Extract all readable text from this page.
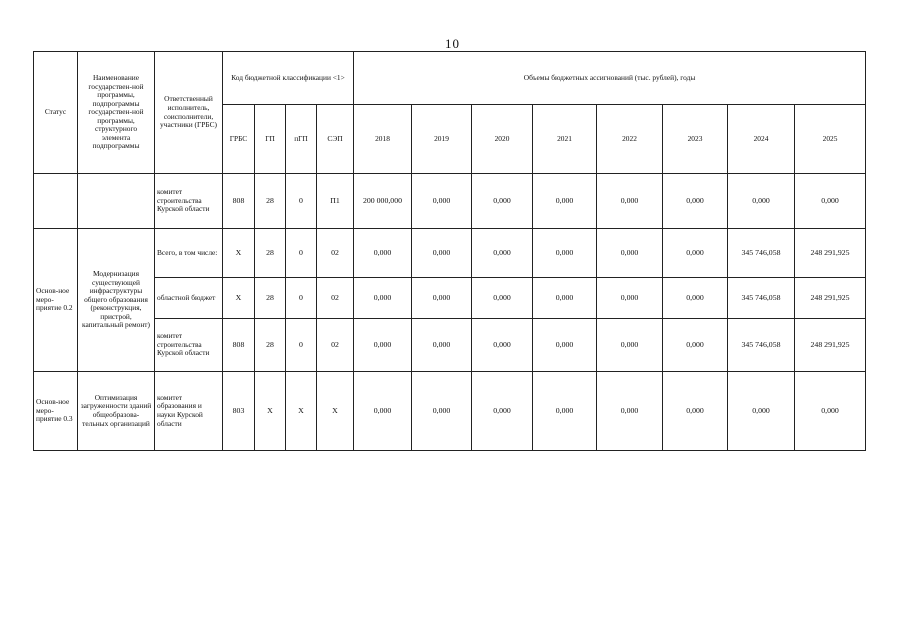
10
Статус	Наименование государствен-ной программы, подпрограммы государствен-ной программы, структурного элемента подпрограммы	Ответственный исполнитель, соисполнители, участники (ГРБС)	Код бюджетной классификации <1>				Объемы бюджетных ассигнований (тыс. рублей), годы							
			ГРБС	ГП	пГП	СЭП	2018	2019	2020	2021	2022	2023	2024	2025
		комитет строительства Курской области	808	28	0	П1	200 000,000	0,000	0,000	0,000	0,000	0,000	0,000	0,000
Основ-ное меро-приятие 0.2	Модернизация существующей инфраструктуры общего образования (реконструкция, пристрой, капитальный ремонт)	Всего, в том числе:	Х	28	0	02	0,000	0,000	0,000	0,000	0,000	0,000	345 746,058	248 291,925
		областной бюджет	Х	28	0	02	0,000	0,000	0,000	0,000	0,000	0,000	345 746,058	248 291,925
		комитет строительства Курской области	808	28	0	02	0,000	0,000	0,000	0,000	0,000	0,000	345 746,058	248 291,925
Основ-ное меро-приятие 0.3	Оптимизация загруженности зданий общеобразова-тельных организаций	комитет образования и науки Курской области	803	Х	Х	Х	0,000	0,000	0,000	0,000	0,000	0,000	0,000	0,000
